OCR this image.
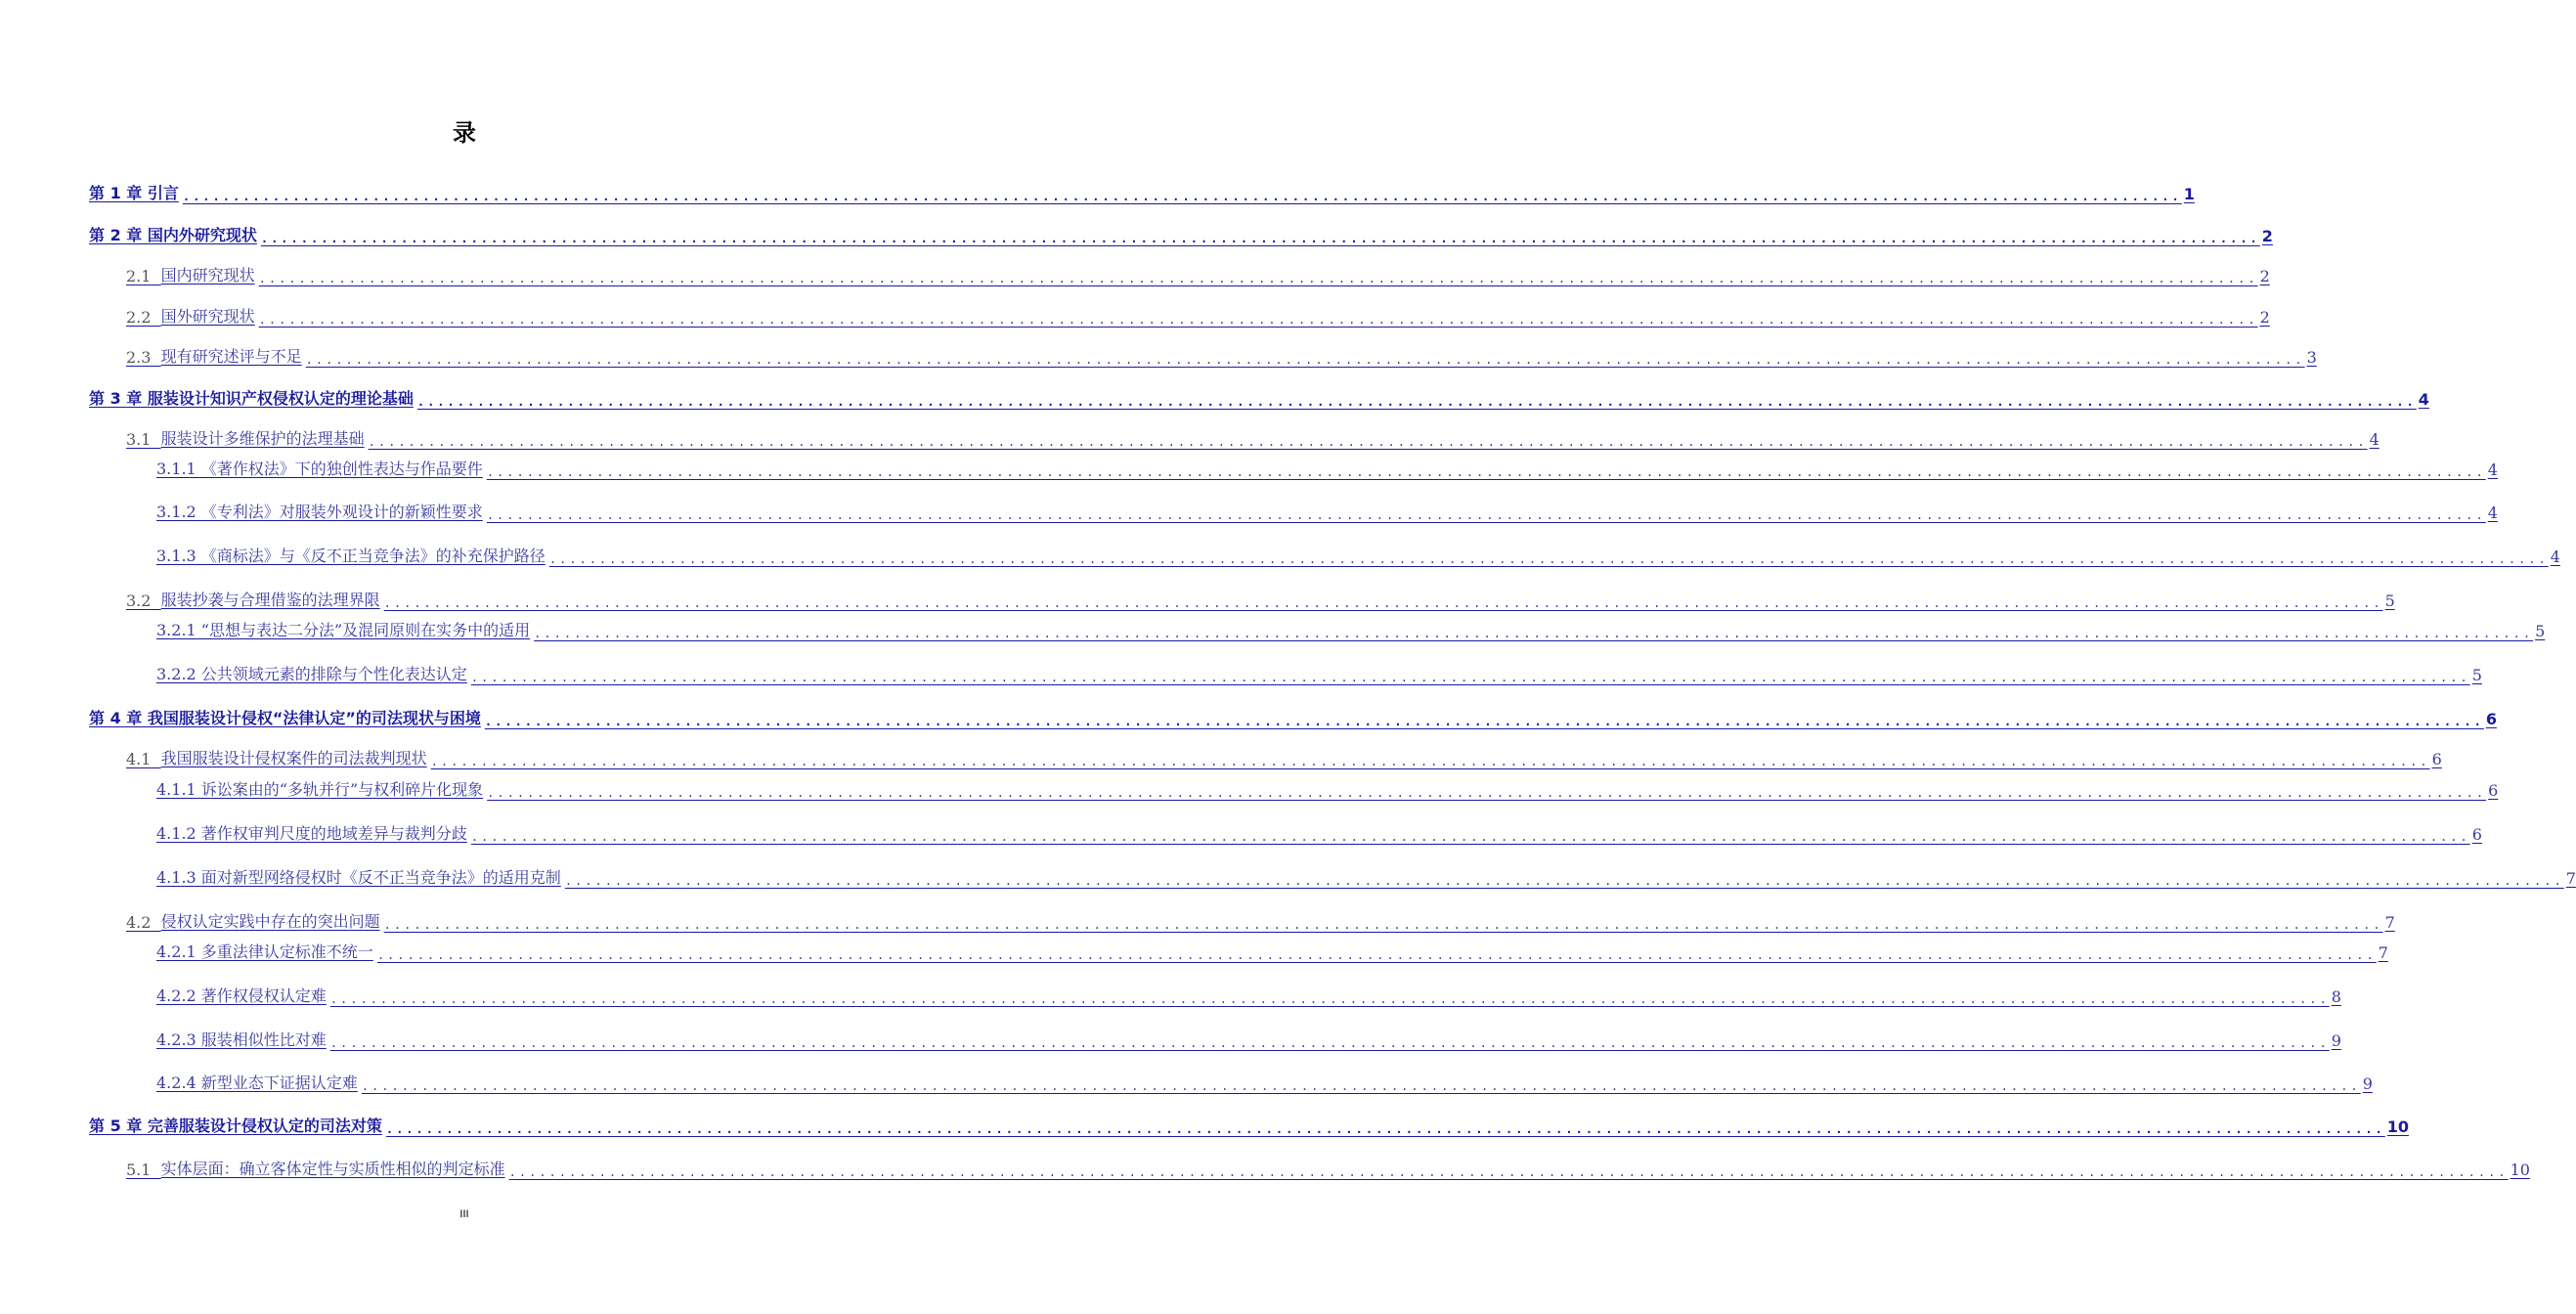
录
第 1 章 引言 ........................................................................................................................................................................................................ 1
第 2 章 国内外研究现状 ........................................................................................................................................................................................................ 2
2.1
国内研究现状 ........................................................................................................................................................................................................ 2
2.2
国外研究现状 ........................................................................................................................................................................................................ 2
2.3
现有研究述评与不足 ........................................................................................................................................................................................................ 3
第 3 章 服装设计知识产权侵权认定的理论基础 ........................................................................................................................................................................................................ 4
3.1
服装设计多维保护的法理基础 ........................................................................................................................................................................................................ 4
3.1.1 《著作权法》下的独创性表达与作品要件 ........................................................................................................................................................................................................ 4
3.1.2 《专利法》对服装外观设计的新颖性要求 ........................................................................................................................................................................................................ 4
3.1.3 《商标法》与《反不正当竞争法》的补充保护路径 ........................................................................................................................................................................................................ 4
3.2
服装抄袭与合理借鉴的法理界限 ........................................................................................................................................................................................................ 5
3.2.1 “思想与表达二分法”及混同原则在实务中的适用 ........................................................................................................................................................................................................ 5
3.2.2 公共领域元素的排除与个性化表达认定 ........................................................................................................................................................................................................ 5
第 4 章 我国服装设计侵权“法律认定”的司法现状与困境 ........................................................................................................................................................................................................ 6
4.1
我国服装设计侵权案件的司法裁判现状 ........................................................................................................................................................................................................ 6
4.1.1 诉讼案由的“多轨并行”与权利碎片化现象 ........................................................................................................................................................................................................ 6
4.1.2 著作权审判尺度的地域差异与裁判分歧 ........................................................................................................................................................................................................ 6
4.1.3 面对新型网络侵权时《反不正当竞争法》的适用克制 ........................................................................................................................................................................................................ 7
4.2
侵权认定实践中存在的突出问题 ........................................................................................................................................................................................................ 7
4.2.1 多重法律认定标准不统一 ........................................................................................................................................................................................................ 7
4.2.2 著作权侵权认定难 ........................................................................................................................................................................................................ 8
4.2.3 服装相似性比对难 ........................................................................................................................................................................................................ 9
4.2.4 新型业态下证据认定难 ........................................................................................................................................................................................................ 9
第 5 章 完善服装设计侵权认定的司法对策 ........................................................................................................................................................................................................ 10
5.1
实体层面：确立客体定性与实质性相似的判定标准 ........................................................................................................................................................................................................ 10
III
